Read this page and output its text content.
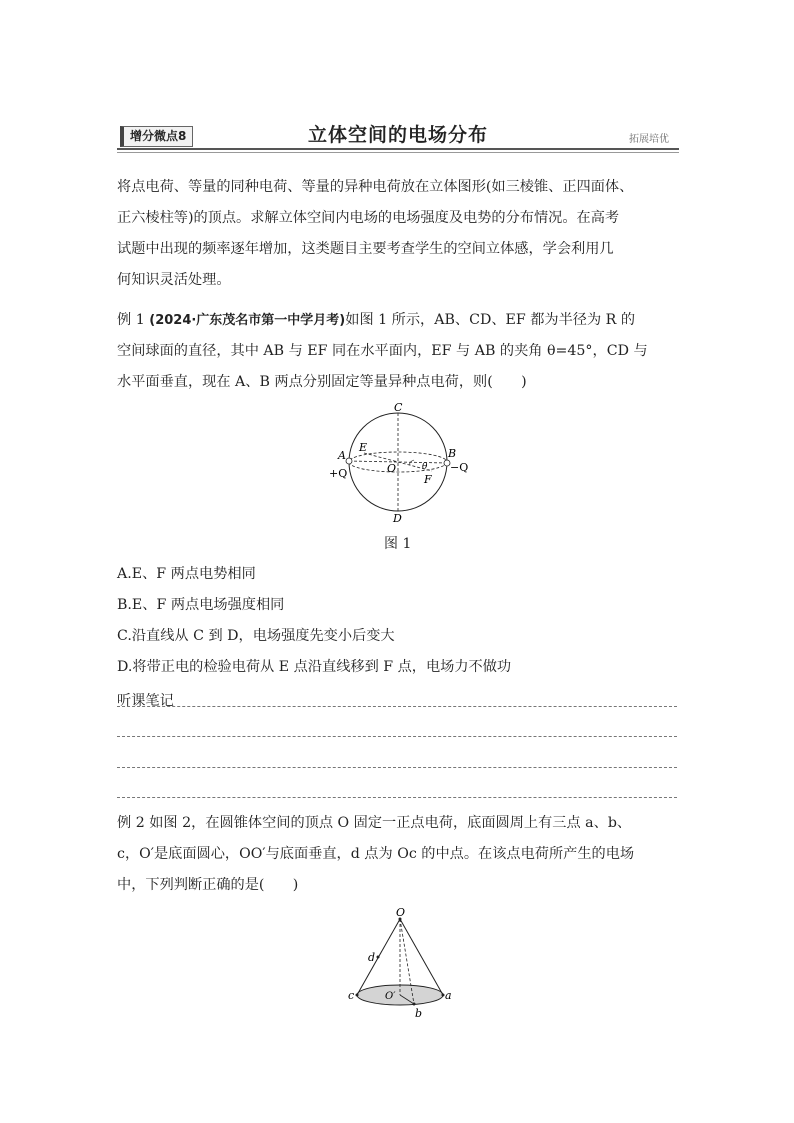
增分微点8	立体空间的电场分布	拓展培优

将点电荷、等量的同种电荷、等量的异种电荷放在立体图形(如三棱锥、正四面体、

正六棱柱等)的顶点。求解立体空间内电场的电场强度及电势的分布情况。在高考

试题中出现的频率逐年增加，这类题目主要考查学生的空间立体感，学会利用几

何知识灵活处理。

例 1 (2024·广东茂名市第一中学月考)如图 1 所示，AB、CD、EF 都为半径为 R 的

空间球面的直径，其中 AB 与 EF 同在水平面内，EF 与 AB 的夹角 θ=45°，CD 与

水平面垂直，现在 A、B 两点分别固定等量异种点电荷，则(　　)

C
D
A	B
E
O
F
θ
+Q	−Q
图 1
A.E、F 两点电势相同
B.E、F 两点电场强度相同
C.沿直线从 C 到 D，电场强度先变小后变大
D.将带正电的检验电荷从 E 点沿直线移到 F 点，电场力不做功
听课笔记

例 2 如图 2，在圆锥体空间的顶点 O 固定一正点电荷，底面圆周上有三点 a、b、

c，O′是底面圆心，OO′与底面垂直，d 点为 Oc 的中点。在该点电荷所产生的电场

中，下列判断正确的是(　　)

O
d
c	O′	a
b
